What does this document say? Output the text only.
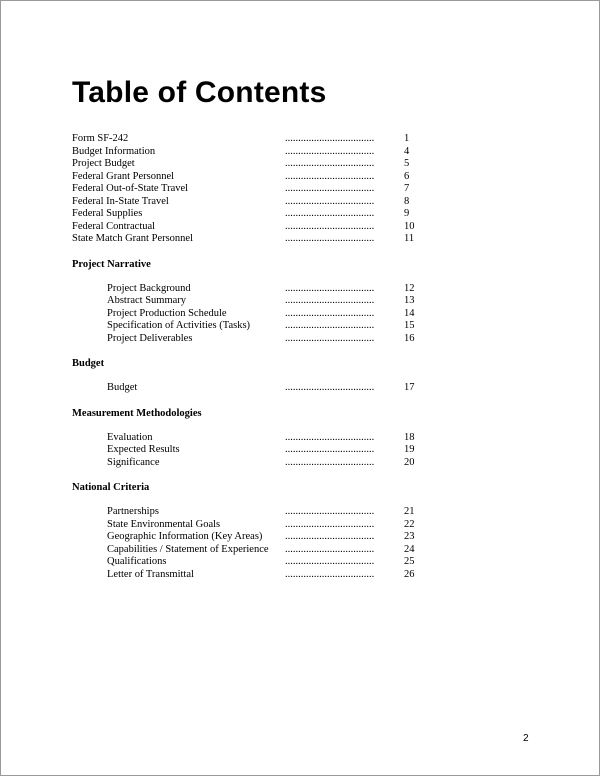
Table of Contents
Form SF-242	..................................	1
Budget Information	..................................	4
Project Budget	..................................	5
Federal Grant Personnel	..................................	6
Federal Out-of-State Travel	..................................	7
Federal In-State Travel	..................................	8
Federal Supplies	..................................	9
Federal Contractual	..................................	10
State Match Grant Personnel	..................................	11
Project Narrative
Project Background	..................................	12
Abstract Summary	..................................	13
Project Production Schedule	..................................	14
Specification of Activities (Tasks)	..................................	15
Project Deliverables	..................................	16
Budget
Budget	..................................	17
Measurement Methodologies
Evaluation	..................................	18
Expected Results	..................................	19
Significance	..................................	20
National Criteria
Partnerships	..................................	21
State Environmental Goals	..................................	22
Geographic Information (Key Areas) ..................................	23
Capabilities / Statement of Experience ..................................	24
Qualifications	..................................	25
Letter of Transmittal	..................................	26
2
